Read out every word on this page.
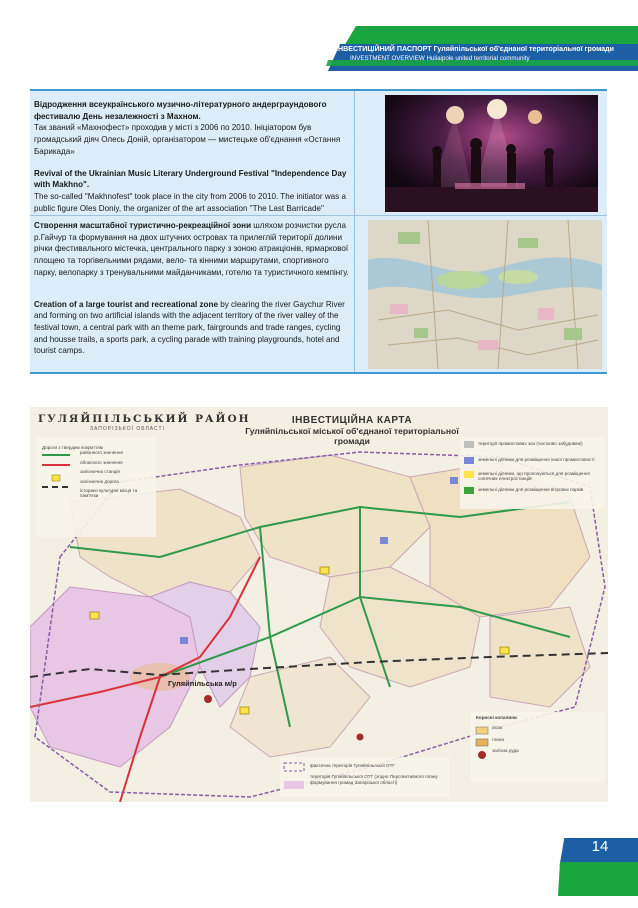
ІНВЕСТИЦІЙНИЙ ПАСПОРТ Гуляйпільської об'єднаної територіальної громади
INVESTMENT OVERVIEW Huliaipole united territorial community

Відродження всеукраїнського музично-літературного андерграундового фестивалю День незалежності з Махном.

Так званий «Махнофест» проходив у місті з 2006 по 2010. Ініціатором був громадський діяч Олесь Доній, організатором — мистецьке об'єднання «Остання Барикада»

Revival of the Ukrainian Music Literary Underground Festival "Independence Day with Makhno".

The so-called "Makhnofest" took place in the city from 2006 to 2010. The initiator was a public figure Oles Doniy, the organizer of the art association "The Last Barricade"

Створення масштабної туристично-рекреаційної зони шляхом розчистки русла р.Гайчур та формування на двох штучних островах та прилеглій території долини річки фестивального містечка, центрального парку з зоною атракціонів, ярмаркової площею та торгівельними рядами, вело- та кінними маршрутами, спортивного парку, велопарку з тренувальними майданчиками, готелю та туристичного кемпінгу.

Creation of a large tourist and recreational zone by clearing the river Gaychur River and forming on two artificial islands with the adjacent territory of the river valley of the festival town, a central park with an theme park, fairgrounds and trade ranges, cycling and housse trails, a sports park, a cycling parade with training playgrounds, hotel and tourist camps.

ГУЛЯЙПІЛЬСЬКИЙ РАЙОН
ЗАПОРІЗЬКОЇ ОБЛАСТІ
ІНВЕСТИЦІЙНА КАРТА
Гуляйпільської міської об'єднаної територіальної громади
Дороги з твердим покриттям
районного значення
обласного значення
залізнична станція
залізнична дорога
історико культурні місця та пам'ятки
території промислових зон (частково забудовані)
земельні ділянки для розміщення іншої промисловості
земельні ділянки, що пропонуються для розміщення сонячних електростанцій
земельні ділянки для розміщення вітрових парків
Корисні копалини
пісок
глина
залізна руда
фактична територія Гуляйпільської ОТГ
територія Гуляйпільської ОТГ (згідно Перспективного плану формування громад Запорізької області)
Гуляйпільська м/р
14
